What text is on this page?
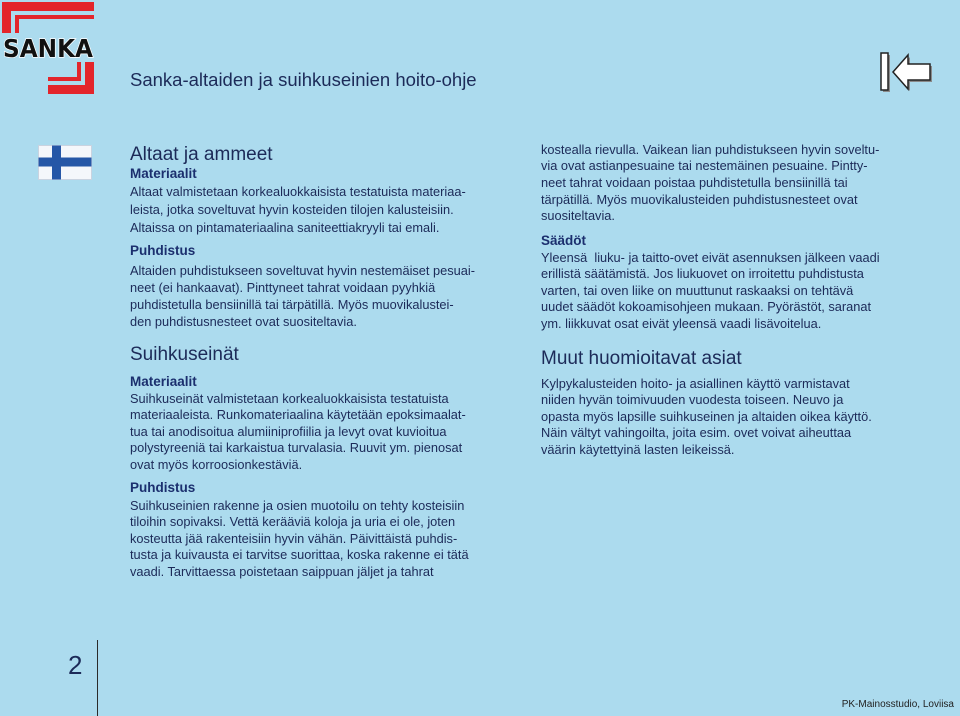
SANKA
Sanka-altaiden ja suihkuseinien hoito-ohje
Altaat ja ammeet
Materiaalit
Altaat valmistetaan korkealuokkaisista testatuista materiaa-
leista, jotka soveltuvat hyvin kosteiden tilojen kalusteisiin.
Altaissa on pintamateriaalina saniteettiakryyli tai emali.
Puhdistus
Altaiden puhdistukseen soveltuvat hyvin nestemäiset pesuai-
neet (ei hankaavat). Pinttyneet tahrat voidaan pyyhkiä
puhdistetulla bensiinillä tai tärpätillä. Myös muovikalustei-
den puhdistusnesteet ovat suositeltavia.
Suihkuseinät
Materiaalit
Suihkuseinät valmistetaan korkealuokkaisista testatuista
materiaaleista. Runkomateriaalina käytetään epoksimaalat-
tua tai anodisoitua alumiiniprofiilia ja levyt ovat kuvioitua
polystyreeniä tai karkaistua turvalasia. Ruuvit ym. pienosat
ovat myös korroosionkestäviä.
Puhdistus
Suihkuseinien rakenne ja osien muotoilu on tehty kosteisiin
tiloihin sopivaksi. Vettä kerääviä koloja ja uria ei ole, joten
kosteutta jää rakenteisiin hyvin vähän. Päivittäistä puhdis-
tusta ja kuivausta ei tarvitse suorittaa, koska rakenne ei tätä
vaadi. Tarvittaessa poistetaan saippuan jäljet ja tahrat
kostealla rievulla. Vaikean lian puhdistukseen hyvin soveltu-
via ovat astianpesuaine tai nestemäinen pesuaine. Pintty-
neet tahrat voidaan poistaa puhdistetulla bensiinillä tai
tärpätillä. Myös muovikalusteiden puhdistusnesteet ovat
suositeltavia.
Säädöt
Yleensä  liuku- ja taitto-ovet eivät asennuksen jälkeen vaadi
erillistä säätämistä. Jos liukuovet on irroitettu puhdistusta
varten, tai oven liike on muuttunut raskaaksi on tehtävä
uudet säädöt kokoamisohjeen mukaan. Pyörästöt, saranat
ym. liikkuvat osat eivät yleensä vaadi lisävoitelua.
Muut huomioitavat asiat
Kylpykalusteiden hoito- ja asiallinen käyttö varmistavat
niiden hyvän toimivuuden vuodesta toiseen. Neuvo ja
opasta myös lapsille suihkuseinen ja altaiden oikea käyttö.
Näin vältyt vahingoilta, joita esim. ovet voivat aiheuttaa
väärin käytettyinä lasten leikeissä.
2
PK-Mainosstudio, Loviisa
